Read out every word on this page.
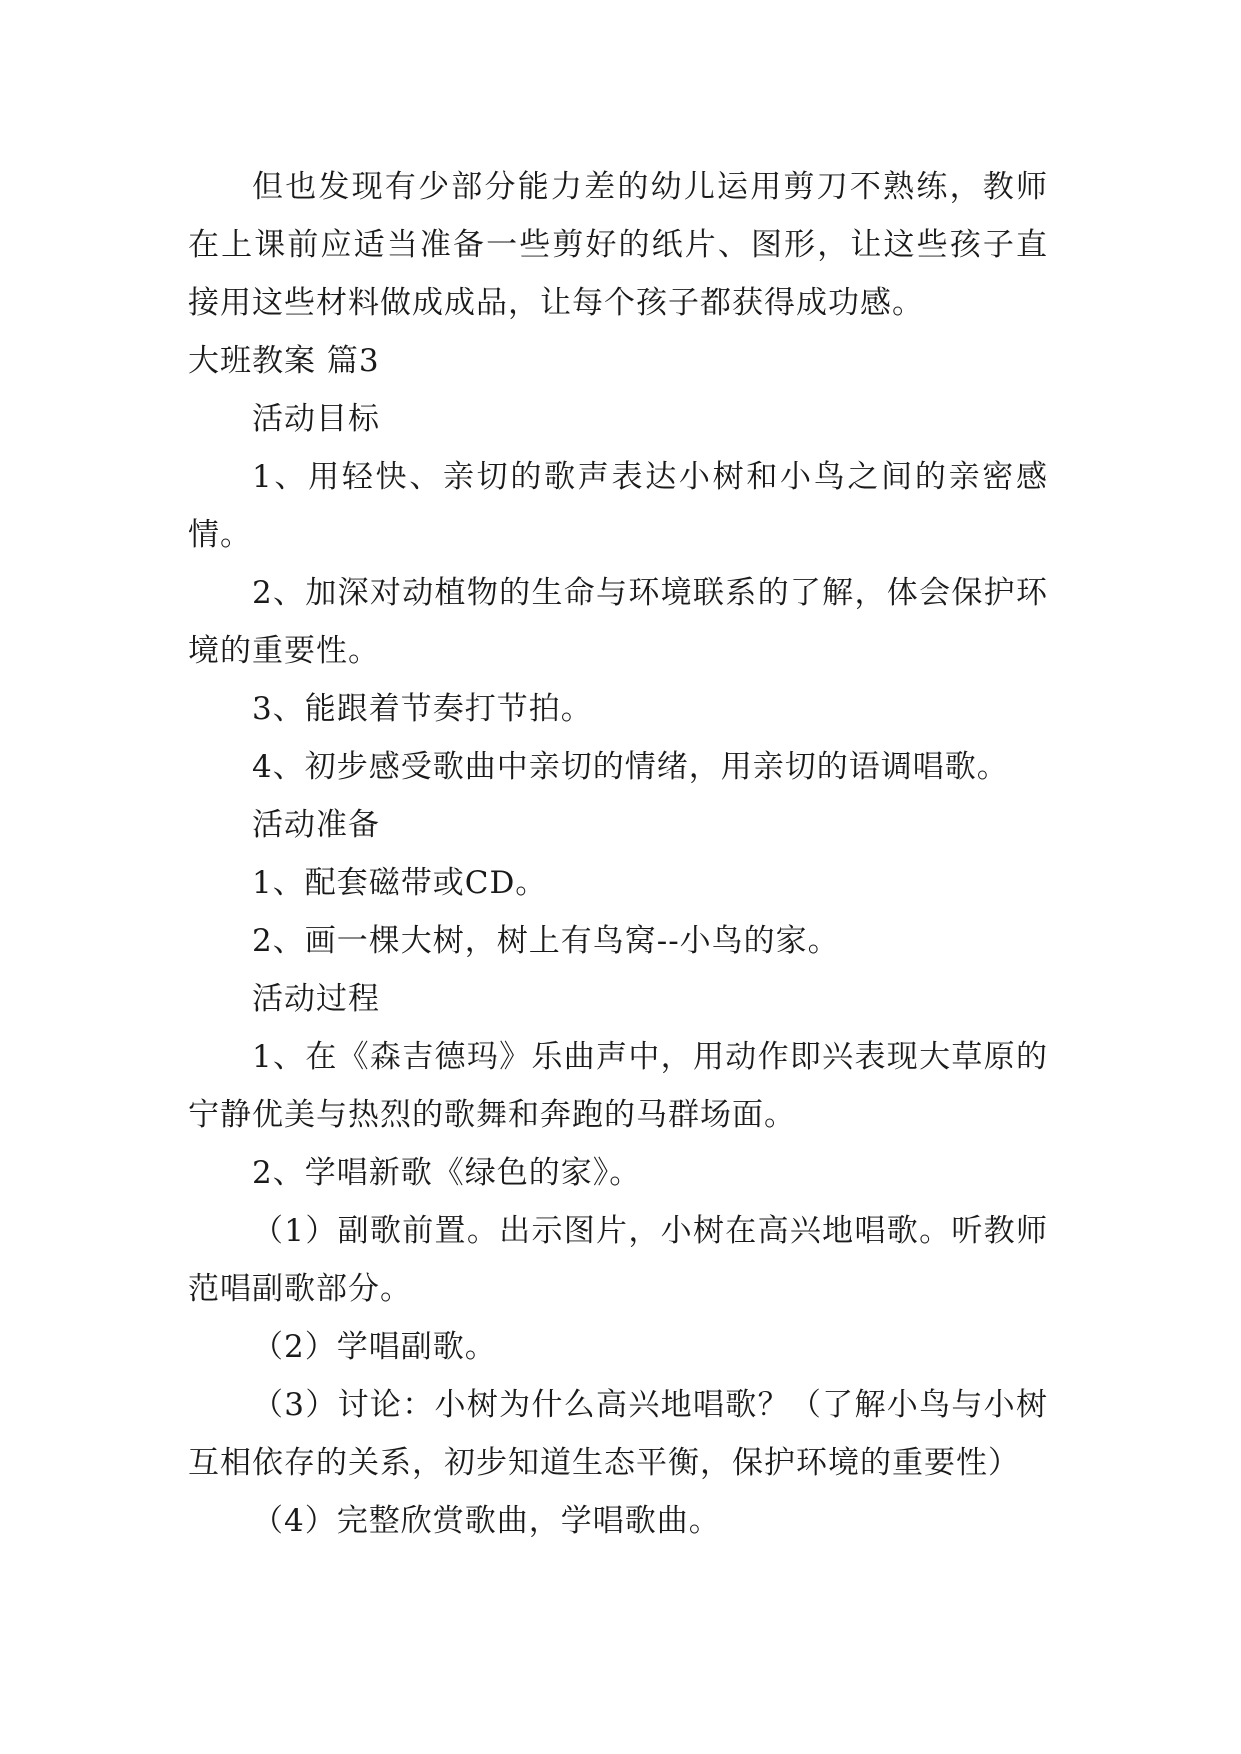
但也发现有少部分能力差的幼儿运用剪刀不熟练，教师在上课前应适当准备一些剪好的纸片、图形，让这些孩子直接用这些材料做成成品，让每个孩子都获得成功感。

大班教案 篇3

活动目标

1、用轻快、亲切的歌声表达小树和小鸟之间的亲密感情。

2、加深对动植物的生命与环境联系的了解，体会保护环境的重要性。

3、能跟着节奏打节拍。

4、初步感受歌曲中亲切的情绪，用亲切的语调唱歌。

活动准备

1、配套磁带或CD。

2、画一棵大树，树上有鸟窝--小鸟的家。

活动过程

1、在《森吉德玛》乐曲声中，用动作即兴表现大草原的宁静优美与热烈的歌舞和奔跑的马群场面。

2、学唱新歌《绿色的家》。

（1）副歌前置。出示图片，小树在高兴地唱歌。听教师范唱副歌部分。

（2）学唱副歌。

（3）讨论：小树为什么高兴地唱歌？（了解小鸟与小树互相依存的关系，初步知道生态平衡，保护环境的重要性）

（4）完整欣赏歌曲，学唱歌曲。
